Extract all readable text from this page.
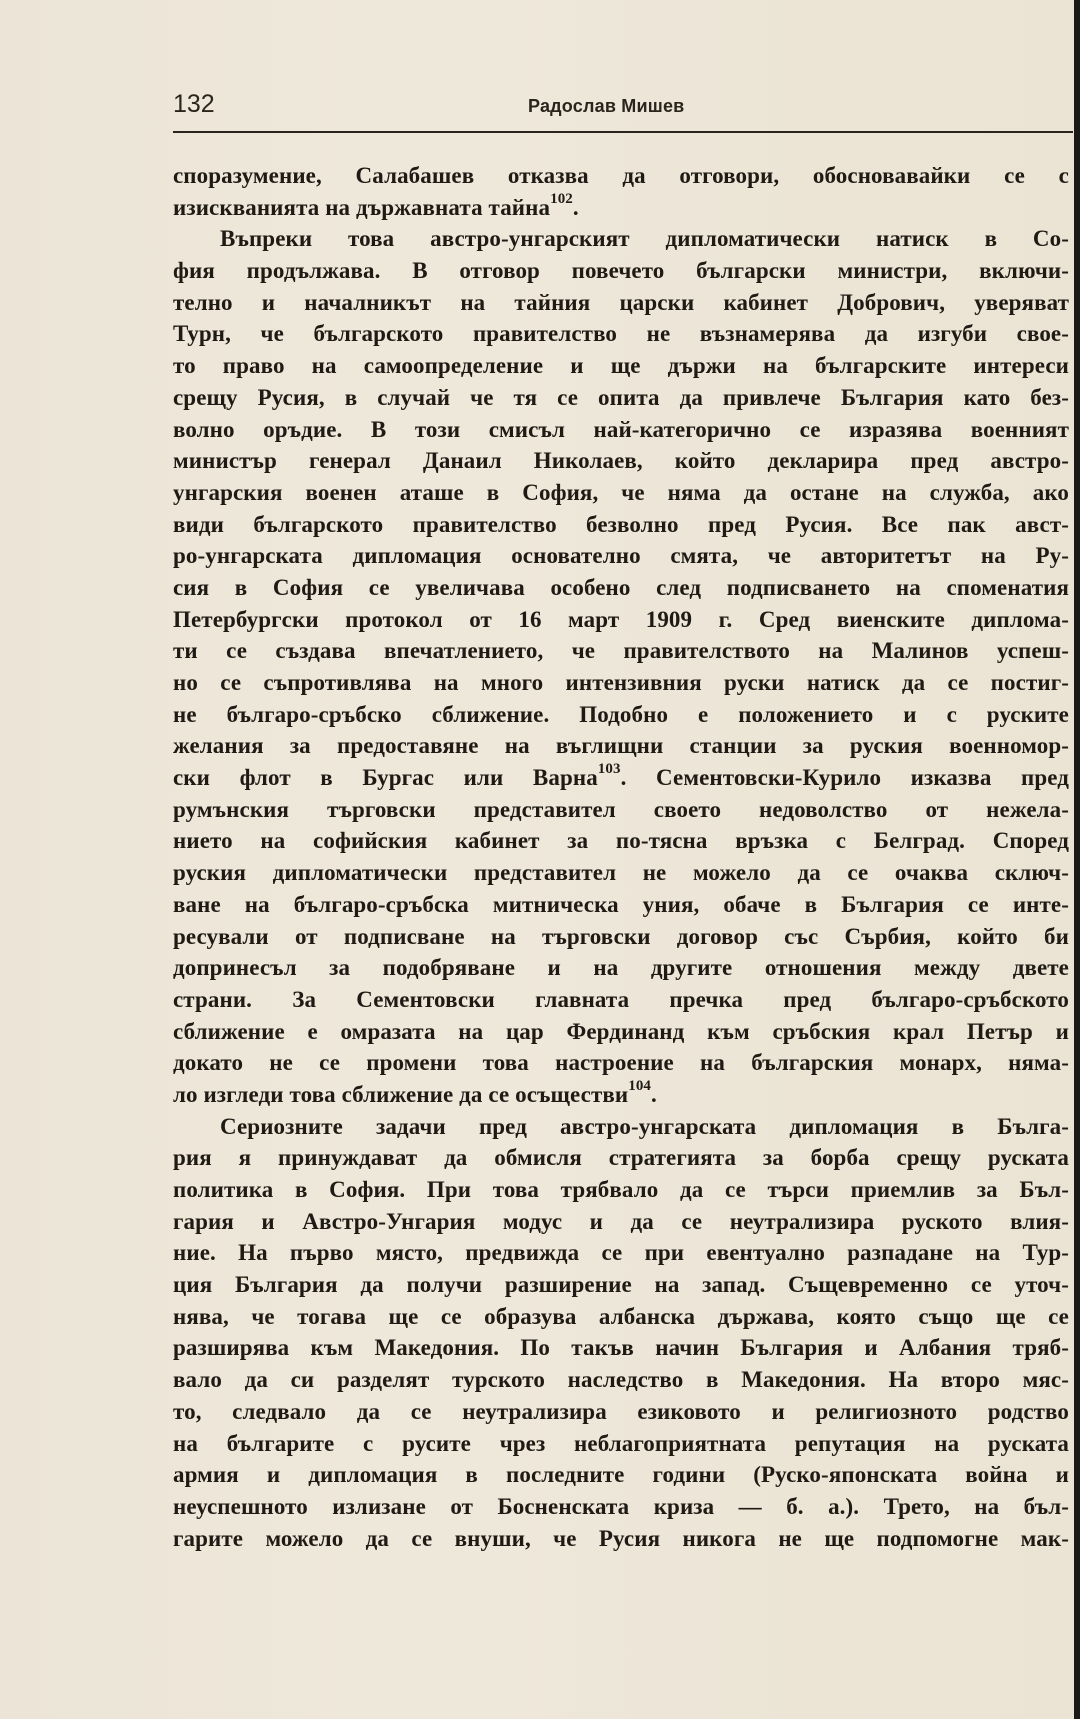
132	Радослав Мишев
споразумение, Салабашев отказва да отговори, обосновавайки се с
изискванията на държавната тайна$^{102}$.
Въпреки това австро-унгарският дипломатически натиск в Со-
фия продължава. В отговор повечето български министри, включи-
телно и началникът на тайния царски кабинет Добрович, уверяват
Турн, че българското правителство не възнамерява да изгуби свое-
то право на самоопределение и ще държи на българските интереси
срещу Русия, в случай че тя се опита да привлече България като без-
волно оръдие. В този смисъл най-категорично се изразява военният
министър генерал Данаил Николаев, който декларира пред австро-
унгарския военен аташе в София, че няма да остане на служба, ако
види българското правителство безволно пред Русия. Все пак авст-
ро-унгарската дипломация основателно смята, че авторитетът на Ру-
сия в София се увеличава особено след подписването на споменатия
Петербургски протокол от 16 март 1909 г. Сред виенските диплома-
ти се създава впечатлението, че правителството на Малинов успеш-
но се съпротивлява на много интензивния руски натиск да се постиг-
не българо-сръбско сближение. Подобно е положението и с руските
желания за предоставяне на въглищни станции за руския военномор-
ски флот в Бургас или Варна$^{103}$. Сементовски-Курило изказва пред
румънския търговски представител своето недоволство от нежела-
нието на софийския кабинет за по-тясна връзка с Белград. Според
руския дипломатически представител не можело да се очаква сключ-
ване на българо-сръбска митническа уния, обаче в България се инте-
ресували от подписване на търговски договор със Сърбия, който би
допринесъл за подобряване и на другите отношения между двете
страни. За Сементовски главната пречка пред българо-сръбското
сближение е омразата на цар Фердинанд към сръбския крал Петър и
докато не се промени това настроение на българския монарх, няма-
ло изгледи това сближение да се осъществи$^{104}$.
Сериозните задачи пред австро-унгарската дипломация в Бълга-
рия я принуждават да обмисля стратегията за борба срещу руската
политика в София. При това трябвало да се търси приемлив за Бъл-
гария и Австро-Унгария модус и да се неутрализира руското влия-
ние. На първо място, предвижда се при евентуално разпадане на Тур-
ция България да получи разширение на запад. Същевременно се уточ-
нява, че тогава ще се образува албанска държава, която също ще се
разширява към Македония. По такъв начин България и Албания тряб-
вало да си разделят турското наследство в Македония. На второ мяс-
то, следвало да се неутрализира езиковото и религиозното родство
на българите с русите чрез неблагоприятната репутация на руската
армия и дипломация в последните години (Руско-японската война и
неуспешното излизане от Босненската криза — б. а.). Трето, на бъл-
гарите можело да се внуши, че Русия никога не ще подпомогне мак-
